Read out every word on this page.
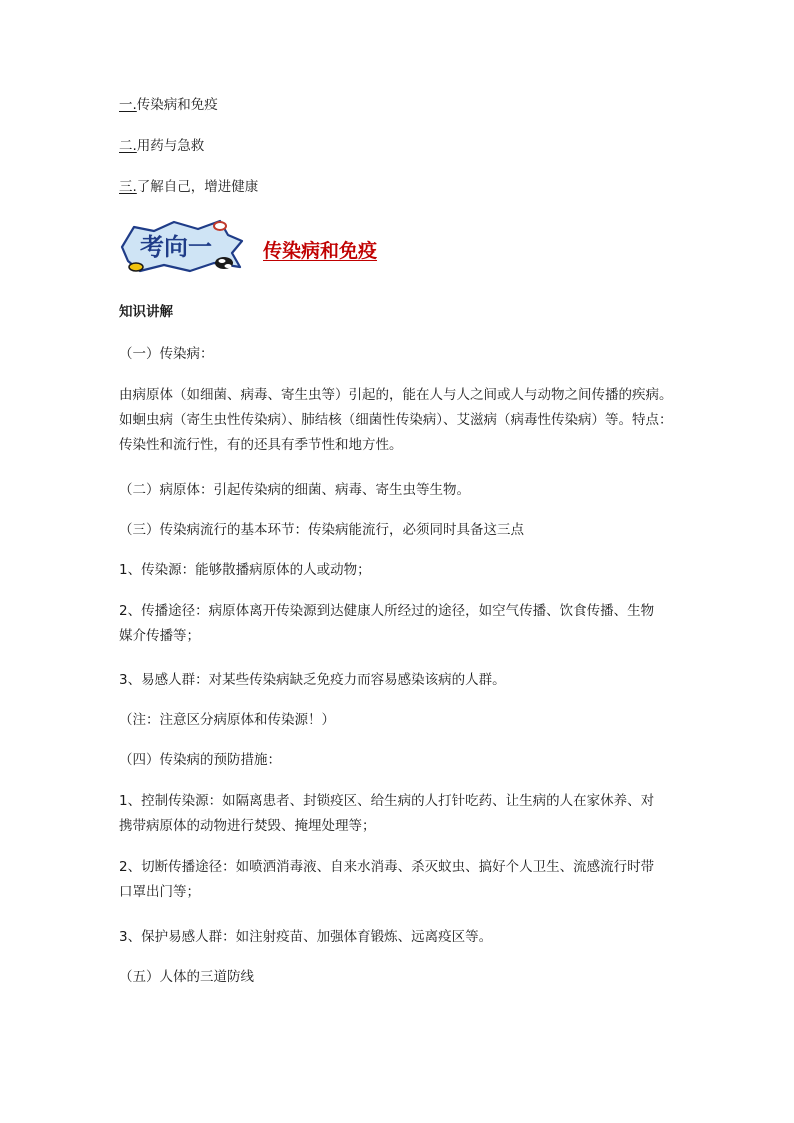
一.传染病和免疫
二.用药与急救
三.了解自己，增进健康
考向一	传染病和免疫
知识讲解
（一）传染病：
由病原体（如细菌、病毒、寄生虫等）引起的，能在人与人之间或人与动物之间传播的疾病。
如蛔虫病（寄生虫性传染病）、肺结核（细菌性传染病）、艾滋病（病毒性传染病）等。特点：
传染性和流行性，有的还具有季节性和地方性。
（二）病原体：引起传染病的细菌、病毒、寄生虫等生物。
（三）传染病流行的基本环节：传染病能流行，必须同时具备这三点
1、传染源：能够散播病原体的人或动物；
2、传播途径：病原体离开传染源到达健康人所经过的途径，如空气传播、饮食传播、生物
媒介传播等；
3、易感人群：对某些传染病缺乏免疫力而容易感染该病的人群。
（注：注意区分病原体和传染源！）
（四）传染病的预防措施：
1、控制传染源：如隔离患者、封锁疫区、给生病的人打针吃药、让生病的人在家休养、对
携带病原体的动物进行焚毁、掩埋处理等；
2、切断传播途径：如喷洒消毒液、自来水消毒、杀灭蚊虫、搞好个人卫生、流感流行时带
口罩出门等；
3、保护易感人群：如注射疫苗、加强体育锻炼、远离疫区等。
（五）人体的三道防线
